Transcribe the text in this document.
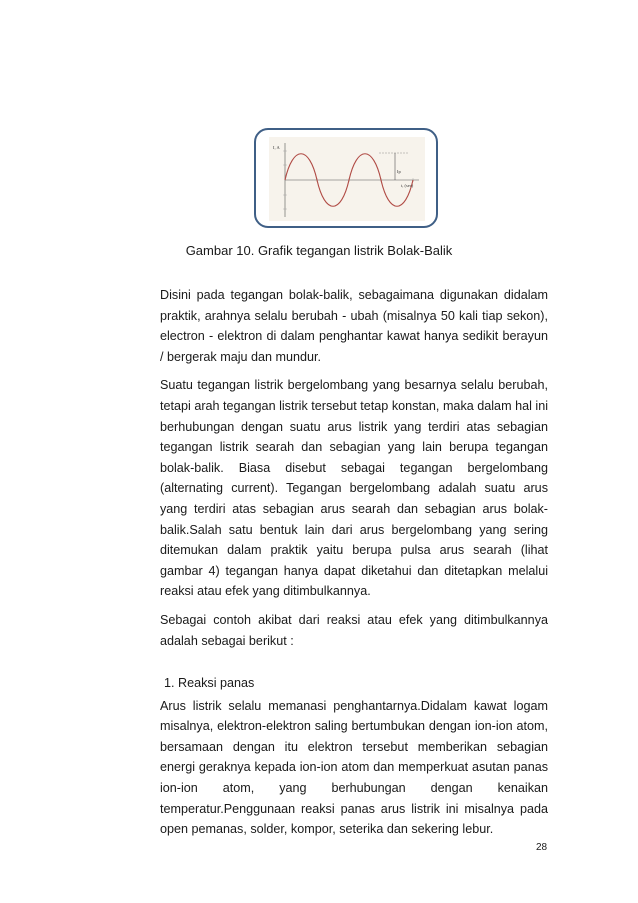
I, A
Ip
t, (sec)
Gambar 10. Grafik tegangan listrik Bolak-Balik

Disini pada tegangan bolak-balik, sebagaimana digunakan didalam praktik, arahnya selalu berubah - ubah (misalnya 50 kali tiap sekon), electron - elektron di dalam penghantar kawat hanya sedikit berayun / bergerak maju dan mundur.

Suatu tegangan listrik bergelombang yang besarnya selalu berubah, tetapi arah tegangan listrik tersebut tetap konstan, maka dalam hal ini berhubungan dengan suatu arus listrik yang terdiri atas sebagian tegangan listrik searah dan sebagian yang lain berupa tegangan bolak-balik. Biasa disebut sebagai tegangan bergelombang (alternating current). Tegangan bergelombang adalah suatu arus yang terdiri atas sebagian arus searah dan sebagian arus bolak-balik.Salah satu bentuk lain dari arus bergelombang yang sering ditemukan dalam praktik yaitu berupa pulsa arus searah (lihat gambar 4) tegangan hanya dapat diketahui dan ditetapkan melalui reaksi atau efek yang ditimbulkannya.

Sebagai contoh akibat dari reaksi atau efek yang ditimbulkannya adalah sebagai berikut :

1. Reaksi panas

Arus listrik selalu memanasi penghantarnya.Didalam kawat logam misalnya, elektron-elektron saling bertumbukan dengan ion-ion atom, bersamaan dengan itu elektron tersebut memberikan sebagian energi geraknya kepada ion-ion atom dan memperkuat asutan panas ion-ion atom, yang berhubungan dengan kenaikan temperatur.Penggunaan reaksi panas arus listrik ini misalnya pada open pemanas, solder, kompor, seterika dan sekering lebur.

28
